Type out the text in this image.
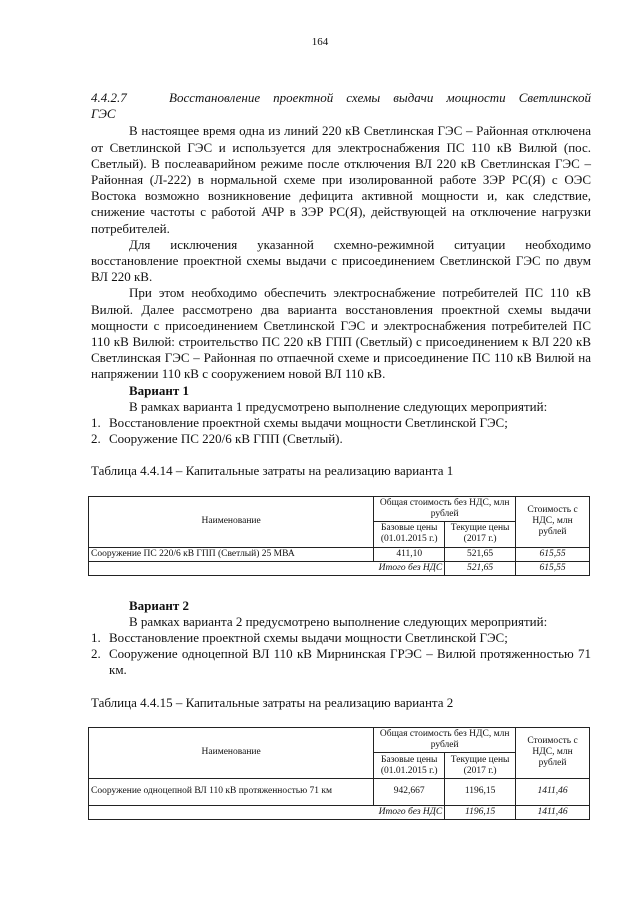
164
4.4.2.7	Восстановление проектной схемы выдачи мощности Светлинской
ГЭС

В настоящее время одна из линий 220 кВ Светлинская ГЭС – Районная отключена от Светлинской ГЭС и используется для электроснабжения ПС 110 кВ Вилюй (пос. Светлый). В послеаварийном режиме после отключения ВЛ 220 кВ Светлинская ГЭС – Районная (Л-222) в нормальной схеме при изолированной работе ЗЭР РС(Я) с ОЭС Востока возможно возникновение дефицита активной мощности и, как следствие, снижение частоты с работой АЧР в ЗЭР РС(Я), действующей на отключение нагрузки потребителей.

Для исключения указанной схемно-режимной ситуации необходимо восстановление проектной схемы выдачи с присоединением Светлинской ГЭС по двум ВЛ 220 кВ.

При этом необходимо обеспечить электроснабжение потребителей ПС 110 кВ Вилюй. Далее рассмотрено два варианта восстановления проектной схемы выдачи мощности с присоединением Светлинской ГЭС и электроснабжения потребителей ПС 110 кВ Вилюй: строительство ПС 220 кВ ГПП (Светлый) с присоединением к ВЛ 220 кВ Светлинская ГЭС – Районная по отпаечной схеме и присоединение ПС 110 кВ Вилюй на напряжении 110 кВ с сооружением новой ВЛ 110 кВ.

Вариант 1

В рамках варианта 1 предусмотрено выполнение следующих мероприятий:

1. Восстановление проектной схемы выдачи мощности Светлинской ГЭС;
2. Сооружение ПС 220/6 кВ ГПП (Светлый).
Таблица 4.4.14 – Капитальные затраты на реализацию варианта 1
Наименование	Общая стоимость без НДС, млн рублей		Стоимость с НДС, млн рублей
	Базовые цены (01.01.2015 г.)	Текущие цены (2017 г.)	
Сооружение ПС 220/6 кВ ГПП (Светлый) 25 МВА	411,10	521,65	615,55
Итого без НДС		521,65	615,55
Вариант 2

В рамках варианта 2 предусмотрено выполнение следующих мероприятий:

1. Восстановление проектной схемы выдачи мощности Светлинской ГЭС;
2. Сооружение одноцепной ВЛ 110 кВ Мирнинская ГРЭС – Вилюй протяженностью 71 км.
Таблица 4.4.15 – Капитальные затраты на реализацию варианта 2
Наименование	Общая стоимость без НДС, млн рублей		Стоимость с НДС, млн рублей
	Базовые цены (01.01.2015 г.)	Текущие цены (2017 г.)	
Сооружение одноцепной ВЛ 110 кВ протяженностью 71 км	942,667	1196,15	1411,46
Итого без НДС		1196,15	1411,46
